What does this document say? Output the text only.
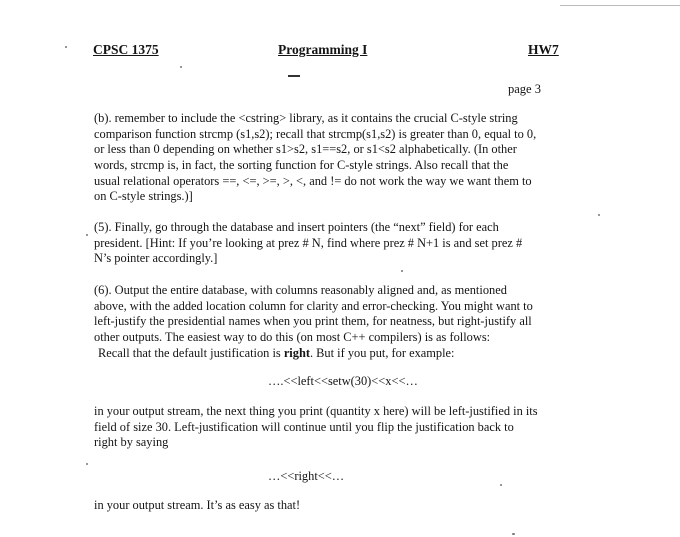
CPSC 1375	Programming I	HW7
page 3
(b). remember to include the <cstring> library, as it contains the crucial C-style string
comparison function strcmp (s1,s2); recall that strcmp(s1,s2) is greater than 0, equal to 0,
or less than 0 depending on whether s1>s2, s1==s2, or s1<s2 alphabetically. (In other
words, strcmp is, in fact, the sorting function for C-style strings. Also recall that the
usual relational operators ==, <=, >=, >, <, and != do not work the way we want them to
on C-style strings.)]
(5). Finally, go through the database and insert pointers (the “next” field) for each
president. [Hint: If you’re looking at prez # N, find where prez # N+1 is and set prez #
N’s pointer accordingly.]
(6). Output the entire database, with columns reasonably aligned and, as mentioned
above, with the added location column for clarity and error-checking. You might want to
left-justify the presidential names when you print them, for neatness, but right-justify all
other outputs. The easiest way to do this (on most C++ compilers) is as follows:
Recall that the default justification is right. But if you put, for example:
….<<left<<setw(30)<<x<<…
in your output stream, the next thing you print (quantity x here) will be left-justified in its
field of size 30. Left-justification will continue until you flip the justification back to
right by saying
…<<right<<…
in your output stream. It’s as easy as that!
